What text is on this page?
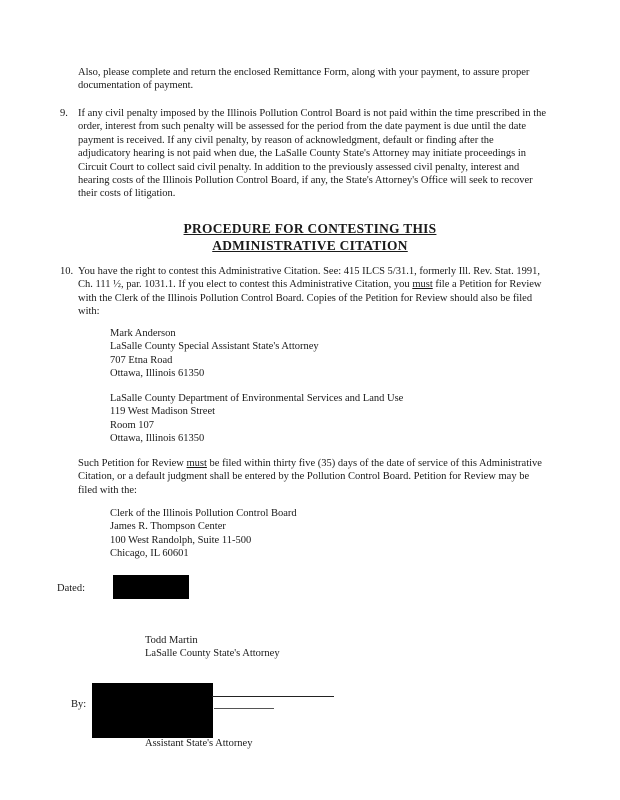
Also, please complete and return the enclosed Remittance Form, along with your payment, to assure proper
documentation of payment.
9. If any civil penalty imposed by the Illinois Pollution Control Board is not paid within the time prescribed in the
order, interest from such penalty will be assessed for the period from the date payment is due until the date
payment is received. If any civil penalty, by reason of acknowledgment, default or finding after the
adjudicatory hearing is not paid when due, the LaSalle County State's Attorney may initiate proceedings in
Circuit Court to collect said civil penalty. In addition to the previously assessed civil penalty, interest and
hearing costs of the Illinois Pollution Control Board, if any, the State's Attorney's Office will seek to recover
their costs of litigation.
PROCEDURE FOR CONTESTING THIS
ADMINISTRATIVE CITATION
10. You have the right to contest this Administrative Citation. See: 415 ILCS 5/31.1, formerly Ill. Rev. Stat. 1991,
Ch. 111 ½, par. 1031.1. If you elect to contest this Administrative Citation, you must file a Petition for Review
with the Clerk of the Illinois Pollution Control Board. Copies of the Petition for Review should also be filed
with:
Mark Anderson
LaSalle County Special Assistant State's Attorney
707 Etna Road
Ottawa, Illinois 61350
LaSalle County Department of Environmental Services and Land Use
119 West Madison Street
Room 107
Ottawa, Illinois 61350
Such Petition for Review must be filed within thirty five (35) days of the date of service of this Administrative
Citation, or a default judgment shall be entered by the Pollution Control Board. Petition for Review may be
filed with the:
Clerk of the Illinois Pollution Control Board
James R. Thompson Center
100 West Randolph, Suite 11-500
Chicago, IL 60601
Dated:
Todd Martin
LaSalle County State's Attorney
By:
Assistant State's Attorney
